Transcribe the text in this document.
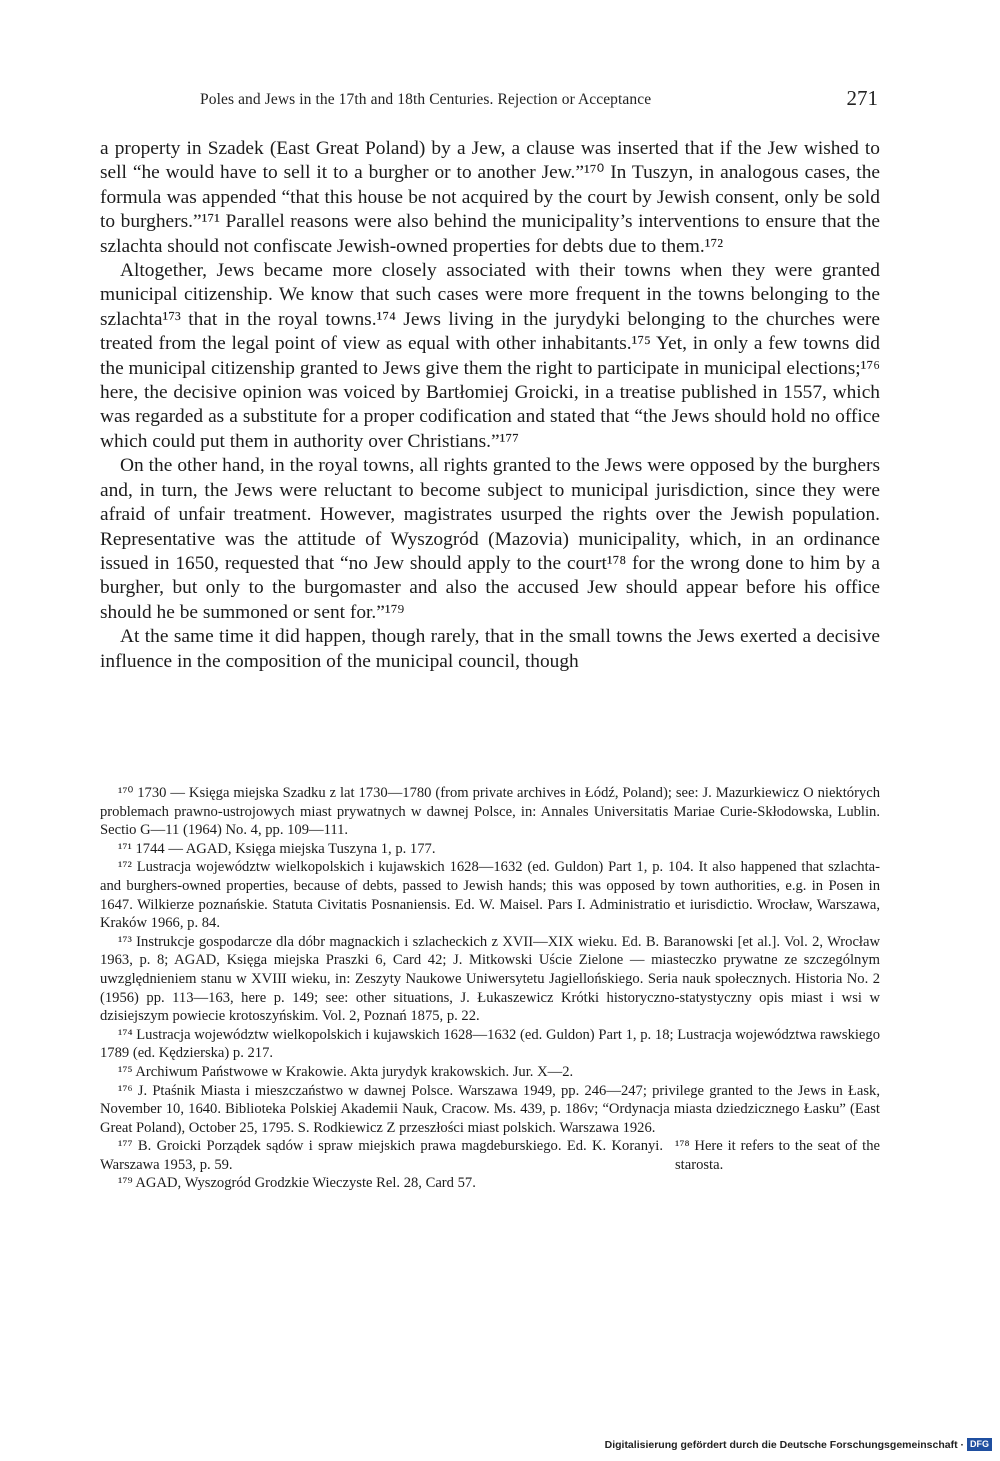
Poles and Jews in the 17th and 18th Centuries. Rejection or Acceptance	271

a property in Szadek (East Great Poland) by a Jew, a clause was inserted that if the Jew wished to sell “he would have to sell it to a burgher or to another Jew.”¹⁷⁰ In Tuszyn, in analogous cases, the formula was appended “that this house be not acquired by the court by Jewish consent, only be sold to burghers.”¹⁷¹ Parallel reasons were also behind the municipality’s interventions to ensure that the szlachta should not confiscate Jewish-owned properties for debts due to them.¹⁷²

Altogether, Jews became more closely associated with their towns when they were granted municipal citizenship. We know that such cases were more frequent in the towns belonging to the szlachta¹⁷³ that in the royal towns.¹⁷⁴ Jews living in the jurydyki belonging to the churches were treated from the legal point of view as equal with other inhabitants.¹⁷⁵ Yet, in only a few towns did the municipal citizenship granted to Jews give them the right to participate in municipal elections;¹⁷⁶ here, the decisive opinion was voiced by Bartłomiej Groicki, in a treatise published in 1557, which was regarded as a substitute for a proper codification and stated that “the Jews should hold no office which could put them in authority over Christians.”¹⁷⁷

On the other hand, in the royal towns, all rights granted to the Jews were opposed by the burghers and, in turn, the Jews were reluctant to become subject to municipal jurisdiction, since they were afraid of unfair treatment. However, magistrates usurped the rights over the Jewish population. Representative was the attitude of Wyszogród (Mazovia) municipality, which, in an ordinance issued in 1650, requested that “no Jew should apply to the court¹⁷⁸ for the wrong done to him by a burgher, but only to the burgomaster and also the accused Jew should appear before his office should he be summoned or sent for.”¹⁷⁹

At the same time it did happen, though rarely, that in the small towns the Jews exerted a decisive influence in the composition of the municipal council, though

¹⁷⁰ 1730 — Księga miejska Szadku z lat 1730—1780 (from private archives in Łódź, Poland); see: J. Mazurkiewicz O niektórych problemach prawno-ustrojowych miast prywatnych w dawnej Polsce, in: Annales Universitatis Mariae Curie-Skłodowska, Lublin. Sectio G—11 (1964) No. 4, pp. 109—111.

¹⁷¹ 1744 — AGAD, Księga miejska Tuszyna 1, p. 177.

¹⁷² Lustracja województw wielkopolskich i kujawskich 1628—1632 (ed. Guldon) Part 1, p. 104. It also happened that szlachta- and burghers-owned properties, because of debts, passed to Jewish hands; this was opposed by town authorities, e.g. in Posen in 1647. Wilkierze poznańskie. Statuta Civitatis Posnaniensis. Ed. W. Maisel. Pars I. Administratio et iurisdictio. Wrocław, Warszawa, Kraków 1966, p. 84.

¹⁷³ Instrukcje gospodarcze dla dóbr magnackich i szlacheckich z XVII—XIX wieku. Ed. B. Baranowski [et al.]. Vol. 2, Wrocław 1963, p. 8; AGAD, Księga miejska Praszki 6, Card 42; J. Mitkowski Uście Zielone — miasteczko prywatne ze szczególnym uwzględnieniem stanu w XVIII wieku, in: Zeszyty Naukowe Uniwersytetu Jagiellońskiego. Seria nauk społecznych. Historia No. 2 (1956) pp. 113—163, here p. 149; see: other situations, J. Łukaszewicz Krótki historyczno-statystyczny opis miast i wsi w dzisiejszym powiecie krotoszyńskim. Vol. 2, Poznań 1875, p. 22.

¹⁷⁴ Lustracja województw wielkopolskich i kujawskich 1628—1632 (ed. Guldon) Part 1, p. 18; Lustracja województwa rawskiego 1789 (ed. Kędzierska) p. 217.

¹⁷⁵ Archiwum Państwowe w Krakowie. Akta jurydyk krakowskich. Jur. X—2.

¹⁷⁶ J. Ptaśnik Miasta i mieszczaństwo w dawnej Polsce. Warszawa 1949, pp. 246—247; privilege granted to the Jews in Łask, November 10, 1640. Biblioteka Polskiej Akademii Nauk, Cracow. Ms. 439, p. 186v; “Ordynacja miasta dziedzicznego Łasku” (East Great Poland), October 25, 1795. S. Rodkiewicz Z przeszłości miast polskich. Warszawa 1926.

¹⁷⁷ B. Groicki Porządek sądów i spraw miejskich prawa magdeburskiego. Ed. K. Koranyi. Warszawa 1953, p. 59.

¹⁷⁸ Here it refers to the seat of the starosta.

¹⁷⁹ AGAD, Wyszogród Grodzkie Wieczyste Rel. 28, Card 57.

Digitalisierung gefördert durch die Deutsche Forschungsgemeinschaft · DFG
